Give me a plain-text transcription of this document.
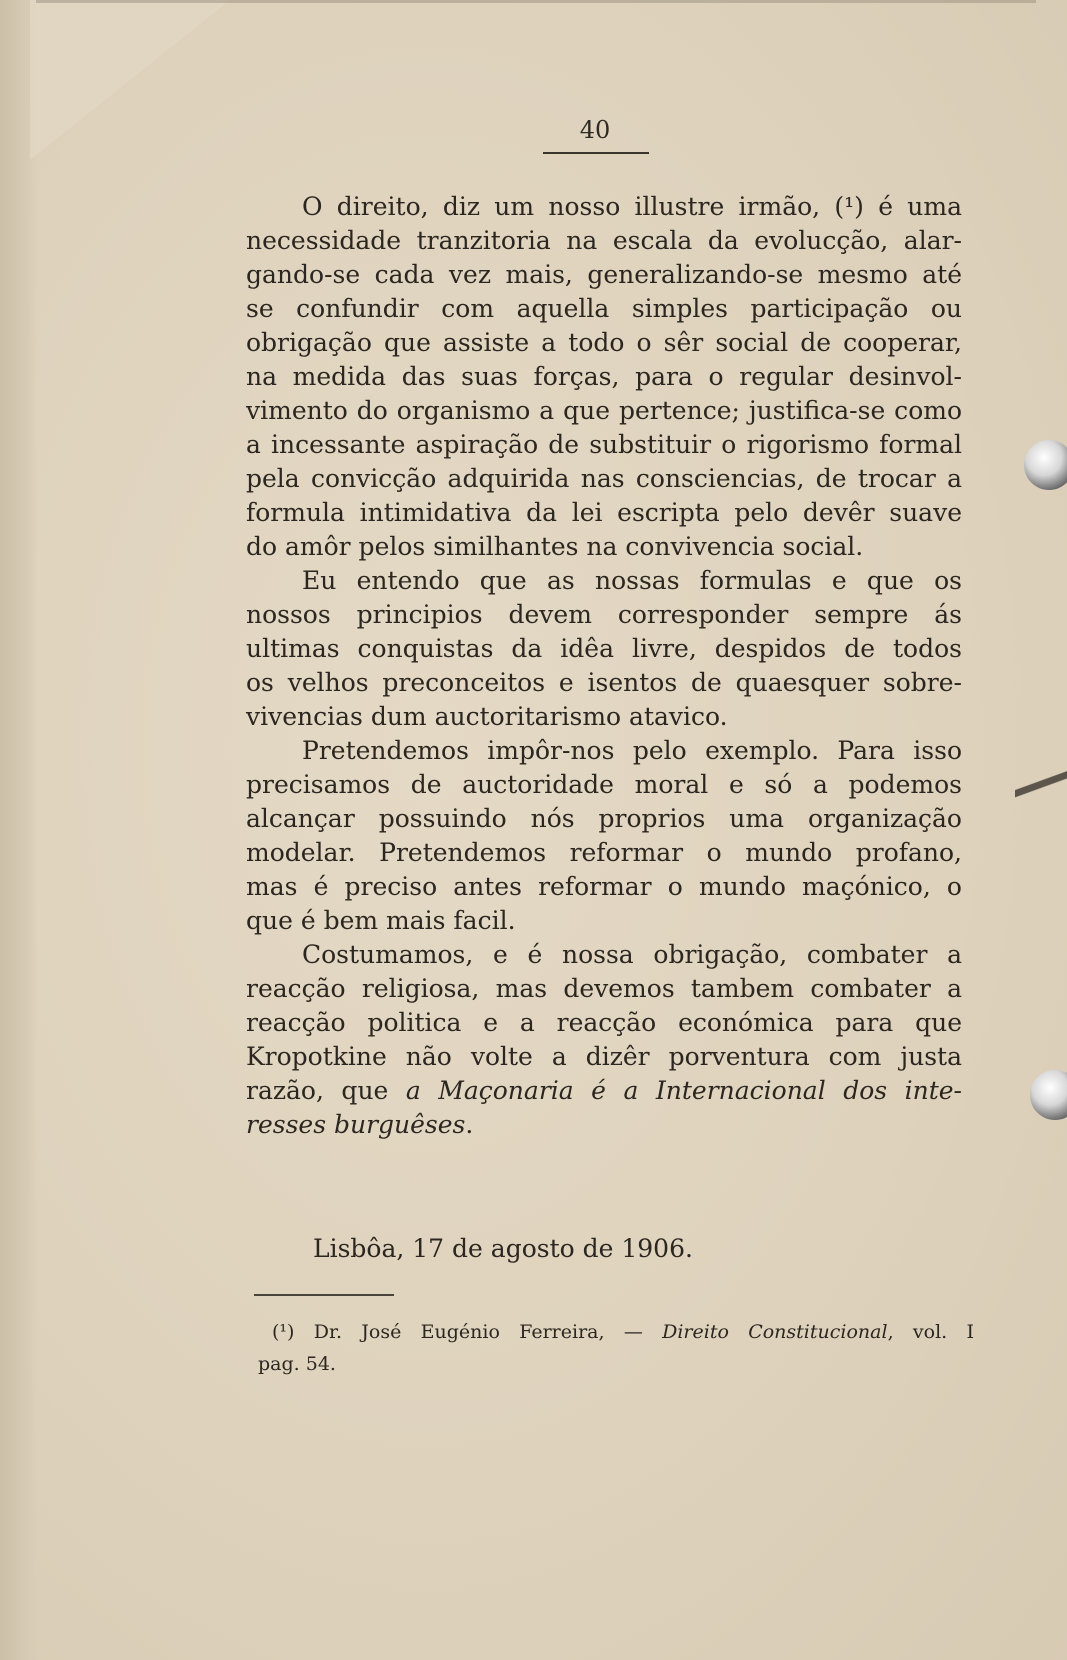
40
O direito, diz um nosso illustre irmão, (¹) é uma
necessidade tranzitoria na escala da evolucção, alar-
gando-se cada vez mais, generalizando-se mesmo até
se confundir com aquella simples participação ou
obrigação que assiste a todo o sêr social de cooperar,
na medida das suas forças, para o regular desinvol-
vimento do organismo a que pertence; justifica-se como
a incessante aspiração de substituir o rigorismo formal
pela convicção adquirida nas consciencias, de trocar a
formula intimidativa da lei escripta pelo devêr suave
do amôr pelos similhantes na convivencia social.
Eu entendo que as nossas formulas e que os
nossos principios devem corresponder sempre ás
ultimas conquistas da idêa livre, despidos de todos
os velhos preconceitos e isentos de quaesquer sobre-
vivencias dum auctoritarismo atavico.
Pretendemos impôr-nos pelo exemplo. Para isso
precisamos de auctoridade moral e só a podemos
alcançar possuindo nós proprios uma organização
modelar. Pretendemos reformar o mundo profano,
mas é preciso antes reformar o mundo maçónico, o
que é bem mais facil.
Costumamos, e é nossa obrigação, combater a
reacção religiosa, mas devemos tambem combater a
reacção politica e a reacção económica para que
Kropotkine não volte a dizêr porventura com justa
razão, que a Maçonaria é a Internacional dos inte-
resses burguêses.
Lisbôa, 17 de agosto de 1906.
(¹) Dr. José Eugénio Ferreira, — Direito Constitucional, vol. I
pag. 54.
